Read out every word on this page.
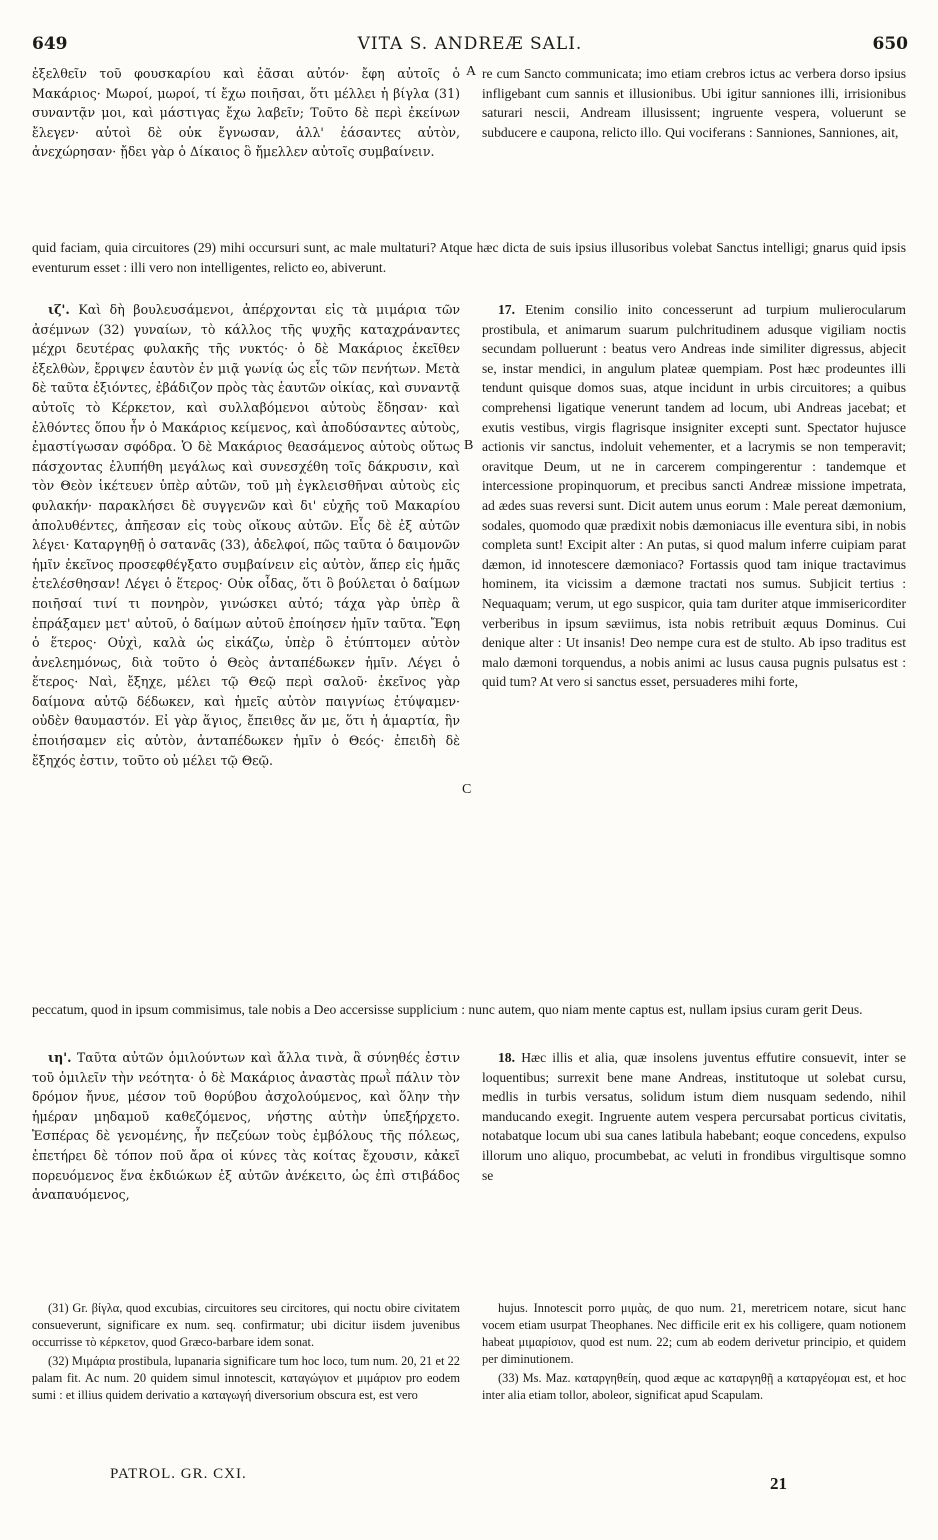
649	VITA S. ANDREÆ SALI.	650

ἐξελθεῖν τοῦ φουσκαρίου καὶ ἐᾶσαι αὐτόν· ἔφη αὐτοῖς ὁ Μακάριος· Μωροί, μωροί, τί ἔχω ποιῆσαι, ὅτι μέλλει ἡ βίγλα (31) συναντᾷν μοι, καὶ μάστιγας ἔχω λαβεῖν; Τοῦτο δὲ περὶ ἐκείνων ἔλεγεν· αὐτοὶ δὲ οὐκ ἔγνωσαν, ἀλλ' ἐάσαντες αὐτὸν, ἀνεχώρησαν· ᾔδει γὰρ ὁ Δίκαιος ὃ ἤμελλεν αὐτοῖς συμβαίνειν.

A re cum Sancto communicata; imo etiam crebros ictus ac verbera dorso ipsius infligebant cum sannis et illusionibus. Ubi igitur sanniones illi, irrisionibus saturari nescii, Andream illusissent; ingruente vespera, voluerunt se subducere e caupona, relicto illo. Qui vociferans : Sanniones, Sanniones, ait,

quid faciam, quia circuitores (29) mihi occursuri sunt, ac male multaturi? Atque hæc dicta de suis ipsius illusoribus volebat Sanctus intelligi; gnarus quid ipsis eventurum esset : illi vero non intelligentes, relicto eo, abiverunt.

ιζ'. Καὶ δὴ βουλευσάμενοι, ἀπέρχονται εἰς τὰ μιμάρια τῶν ἀσέμνων (32) γυναίων, τὸ κάλλος τῆς ψυχῆς καταχράναντες μέχρι δευτέρας φυλακῆς τῆς νυκτός· ὁ δὲ Μακάριος ἐκεῖθεν ἐξελθὼν, ἔρριψεν ἑαυτὸν ἐν μιᾷ γωνίᾳ ὡς εἷς τῶν πενήτων. Μετὰ δὲ ταῦτα ἐξιόντες, ἐβάδιζον πρὸς τὰς ἑαυτῶν οἰκίας, καὶ συναντᾷ αὐτοῖς τὸ Κέρκετον, καὶ συλλαβόμενοι αὐτοὺς ἔδησαν· καὶ ἐλθόντες ὅπου ἦν ὁ Μακάριος κείμενος, καὶ ἀποδύσαντες αὐτοὺς, ἐμαστίγωσαν σφόδρα. Ὁ δὲ Μακάριος θεασάμενος αὐτοὺς οὕτως πάσχοντας ἐλυπήθη μεγάλως καὶ συνεσχέθη τοῖς δάκρυσιν, καὶ τὸν Θεὸν ἱκέτευεν ὑπὲρ αὐτῶν, τοῦ μὴ ἐγκλεισθῆναι αὐτοὺς εἰς φυλακήν· παρακλήσει δὲ συγγενῶν καὶ δι' εὐχῆς τοῦ Μακαρίου ἀπολυθέντες, ἀπῆεσαν εἰς τοὺς οἴκους αὐτῶν. Εἷς δὲ ἐξ αὐτῶν λέγει· Καταργηθῇ ὁ σατανᾶς (33), ἀδελφοί, πῶς ταῦτα ὁ δαιμονῶν ἡμῖν ἐκεῖνος προσεφθέγξατο συμβαίνειν εἰς αὐτὸν, ἅπερ εἰς ἡμᾶς ἐτελέσθησαν! Λέγει ὁ ἕτερος· Οὐκ οἶδας, ὅτι ὃ βούλεται ὁ δαίμων ποιῆσαί τινί τι πονηρὸν, γινώσκει αὐτό; τάχα γὰρ ὑπὲρ ἃ ἐπράξαμεν μετ' αὐτοῦ, ὁ δαίμων αὐτοῦ ἐποίησεν ἡμῖν ταῦτα. Ἔφη ὁ ἕτερος· Οὐχὶ, καλὰ ὡς εἰκάζω, ὑπὲρ ὃ ἐτύπτομεν αὐτὸν ἀνελεημόνως, διὰ τοῦτο ὁ Θεὸς ἀνταπέδωκεν ἡμῖν. Λέγει ὁ ἕτερος· Ναὶ, ἔξηχε, μέλει τῷ Θεῷ περὶ σαλοῦ· ἐκεῖνος γὰρ δαίμονα αὐτῷ δέδωκεν, καὶ ἡμεῖς αὐτὸν παιγνίως ἐτύψαμεν· οὐδὲν θαυμαστόν. Εἰ γὰρ ἅγιος, ἔπειθες ἄν με, ὅτι ἡ ἁμαρτία, ἣν ἐποιήσαμεν εἰς αὐτὸν, ἀνταπέδωκεν ἡμῖν ὁ Θεός· ἐπειδὴ δὲ ἔξηχός ἐστιν, τοῦτο οὐ μέλει τῷ Θεῷ.

B
C

17. Etenim consilio inito concesserunt ad turpium mulierocularum prostibula, et animarum suarum pulchritudinem adusque vigiliam noctis secundam polluerunt : beatus vero Andreas inde similiter digressus, abjecit se, instar mendici, in angulum plateæ quempiam. Post hæc prodeuntes illi tendunt quisque domos suas, atque incidunt in urbis circuitores; a quibus comprehensi ligatique venerunt tandem ad locum, ubi Andreas jacebat; et exutis vestibus, virgis flagrisque insigniter excepti sunt. Spectator hujusce actionis vir sanctus, indoluit vehementer, et a lacrymis se non temperavit; oravitque Deum, ut ne in carcerem compingerentur : tandemque et intercessione propinquorum, et precibus sancti Andreæ missione impetrata, ad ædes suas reversi sunt. Dicit autem unus eorum : Male pereat dæmonium, sodales, quomodo quæ prædixit nobis dæmoniacus ille eventura sibi, in nobis completa sunt! Excipit alter : An putas, si quod malum inferre cuipiam parat dæmon, id innotescere dæmoniaco? Fortassis quod tam inique tractavimus hominem, ita vicissim a dæmone tractati nos sumus. Subjicit tertius : Nequaquam; verum, ut ego suspicor, quia tam duriter atque immisericorditer verberibus in ipsum sæviimus, ista nobis retribuit æquus Dominus. Cui denique alter : Ut insanis! Deo nempe cura est de stulto. Ab ipso traditus est malo dæmoni torquendus, a nobis animi ac lusus causa pugnis pulsatus est : quid tum? At vero si sanctus esset, persuaderes mihi forte,

peccatum, quod in ipsum commisimus, tale nobis a Deo accersisse supplicium : nunc autem, quo niam mente captus est, nullam ipsius curam gerit Deus.

ιη'. Ταῦτα αὐτῶν ὁμιλούντων καὶ ἄλλα τινὰ, ἃ σύνηθές ἐστιν τοῦ ὁμιλεῖν τὴν νεότητα· ὁ δὲ Μακάριος ἀναστὰς πρωῒ πάλιν τὸν δρόμον ἤνυε, μέσον τοῦ θορύβου ἀσχολούμενος, καὶ ὅλην τὴν ἡμέραν μηδαμοῦ καθεζόμενος, νήστης αὐτὴν ὑπεξήρχετο. Ἑσπέρας δὲ γενομένης, ἦν πεζεύων τοὺς ἐμβόλους τῆς πόλεως, ἐπετήρει δὲ τόπον ποῦ ἄρα οἱ κύνες τὰς κοίτας ἔχουσιν, κἀκεῖ πορευόμενος ἕνα ἐκδιώκων ἐξ αὐτῶν ἀνέκειτο, ὡς ἐπὶ στιβάδος ἀναπαυόμενος,

18. Hæc illis et alia, quæ insolens juventus effutire consuevit, inter se loquentibus; surrexit bene mane Andreas, institutoque ut solebat cursu, medlis in turbis versatus, solidum istum diem nusquam sedendo, nihil manducando exegit. Ingruente autem vespera percursabat porticus civitatis, notabatque locum ubi sua canes latibula habebant; eoque concedens, expulso illorum uno aliquo, procumbebat, ac veluti in frondibus virgultisque somno se

(31) Gr. βίγλα, quod excubias, circuitores seu circitores, qui noctu obire civitatem consueverunt, significare ex num. seq. confirmatur; ubi dicitur iisdem juvenibus occurrisse τὸ κέρκετον, quod Græco-barbare idem sonat.

(32) Μιμάρια prostibula, lupanaria significare tum hoc loco, tum num. 20, 21 et 22 palam fit. Ac num. 20 quidem simul innotescit, καταγώγιον et μιμάριον pro eodem sumi : et illius quidem derivatio a καταγωγή diversorium obscura est, est vero

hujus. Innotescit porro μιμὰς, de quo num. 21, meretricem notare, sicut hanc vocem etiam usurpat Theophanes. Nec difficile erit ex his colligere, quam notionem habeat μιμαρίσιον, quod est num. 22; cum ab eodem derivetur principio, et quidem per diminutionem.

(33) Ms. Maz. καταργηθείη, quod æque ac καταργηθῇ a καταργέομαι est, et hoc inter alia etiam tollor, aboleor, significat apud Scapulam.

PATROL. GR. CXI.	21
